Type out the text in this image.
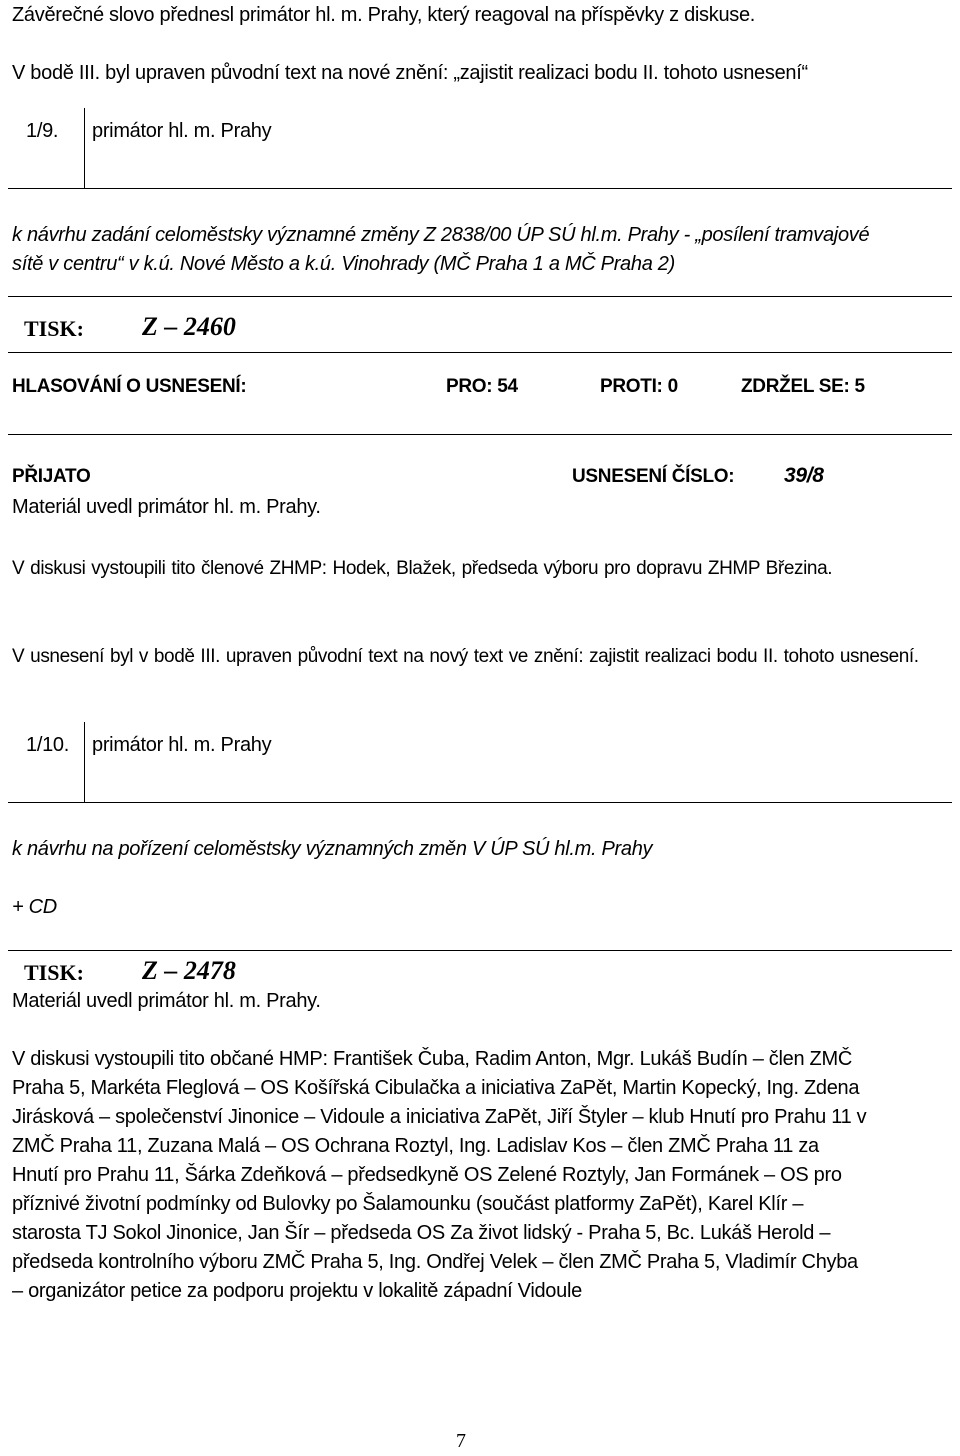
Závěrečné slovo přednesl primátor hl. m. Prahy, který reagoval na příspěvky z diskuse.
V bodě III. byl upraven původní text na nové znění: „zajistit realizaci bodu II. tohoto usnesení“
1/9. primátor hl. m. Prahy
k návrhu zadání celoměstsky významné změny Z 2838/00 ÚP SÚ hl.m. Prahy - „posílení tramvajové
sítě v centru“ v k.ú. Nové Město a k.ú. Vinohrady (MČ Praha 1 a MČ Praha 2)
TISK: Z – 2460
HLASOVÁNÍ O USNESENÍ:	PRO: 54	PROTI: 0	ZDRŽEL SE: 5
PŘIJATO	USNESENÍ ČÍSLO: 39/8
Materiál uvedl primátor hl. m. Prahy.
V diskusi vystoupili tito členové ZHMP: Hodek, Blažek, předseda výboru pro dopravu ZHMP Březina.
V usnesení byl v bodě III. upraven původní text na nový text ve znění: zajistit realizaci bodu II. tohoto usnesení.
1/10. primátor hl. m. Prahy
k návrhu na pořízení celoměstsky významných změn V ÚP SÚ hl.m. Prahy
+ CD
TISK: Z – 2478
Materiál uvedl primátor hl. m. Prahy.
V diskusi vystoupili tito občané HMP: František Čuba, Radim Anton, Mgr. Lukáš Budín – člen ZMČ
Praha 5, Markéta Fleglová – OS Košířská Cibulačka a iniciativa ZaPět, Martin Kopecký, Ing. Zdena
Jirásková – společenství Jinonice – Vidoule a iniciativa ZaPět, Jiří Štyler – klub Hnutí pro Prahu 11 v
ZMČ Praha 11, Zuzana Malá – OS Ochrana Roztyl, Ing. Ladislav Kos – člen ZMČ Praha 11 za
Hnutí pro Prahu 11, Šárka Zdeňková – předsedkyně OS Zelené Roztyly, Jan Formánek – OS pro
příznivé životní podmínky od Bulovky po Šalamounku (součást platformy ZaPět), Karel Klír –
starosta TJ Sokol Jinonice, Jan Šír – předseda OS Za život lidský - Praha 5, Bc. Lukáš Herold –
předseda kontrolního výboru ZMČ Praha 5, Ing. Ondřej Velek – člen ZMČ Praha 5, Vladimír Chyba
– organizátor petice za podporu projektu v lokalitě západní Vidoule
7
